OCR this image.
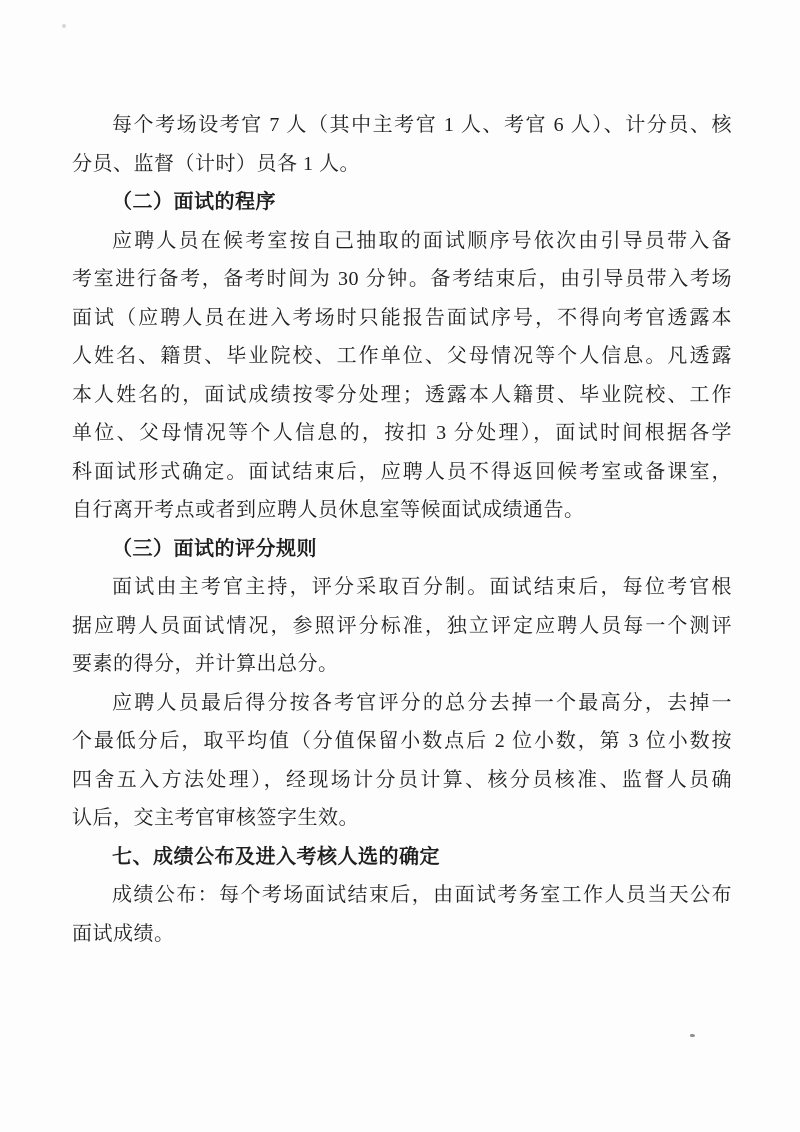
每个考场设考官 7 人（其中主考官 1 人、考官 6 人）、计分员、核

分员、监督（计时）员各 1 人。

（二）面试的程序

应聘人员在候考室按自己抽取的面试顺序号依次由引导员带入备

考室进行备考，备考时间为 30 分钟。备考结束后，由引导员带入考场

面试（应聘人员在进入考场时只能报告面试序号，不得向考官透露本

人姓名、籍贯、毕业院校、工作单位、父母情况等个人信息。凡透露

本人姓名的，面试成绩按零分处理；透露本人籍贯、毕业院校、工作

单位、父母情况等个人信息的，按扣 3 分处理），面试时间根据各学

科面试形式确定。面试结束后，应聘人员不得返回候考室或备课室，

自行离开考点或者到应聘人员休息室等候面试成绩通告。

（三）面试的评分规则

面试由主考官主持，评分采取百分制。面试结束后，每位考官根

据应聘人员面试情况，参照评分标准，独立评定应聘人员每一个测评

要素的得分，并计算出总分。

应聘人员最后得分按各考官评分的总分去掉一个最高分，去掉一

个最低分后，取平均值（分值保留小数点后 2 位小数，第 3 位小数按

四舍五入方法处理），经现场计分员计算、核分员核准、监督人员确

认后，交主考官审核签字生效。

七、成绩公布及进入考核人选的确定

成绩公布：每个考场面试结束后，由面试考务室工作人员当天公布

面试成绩。
